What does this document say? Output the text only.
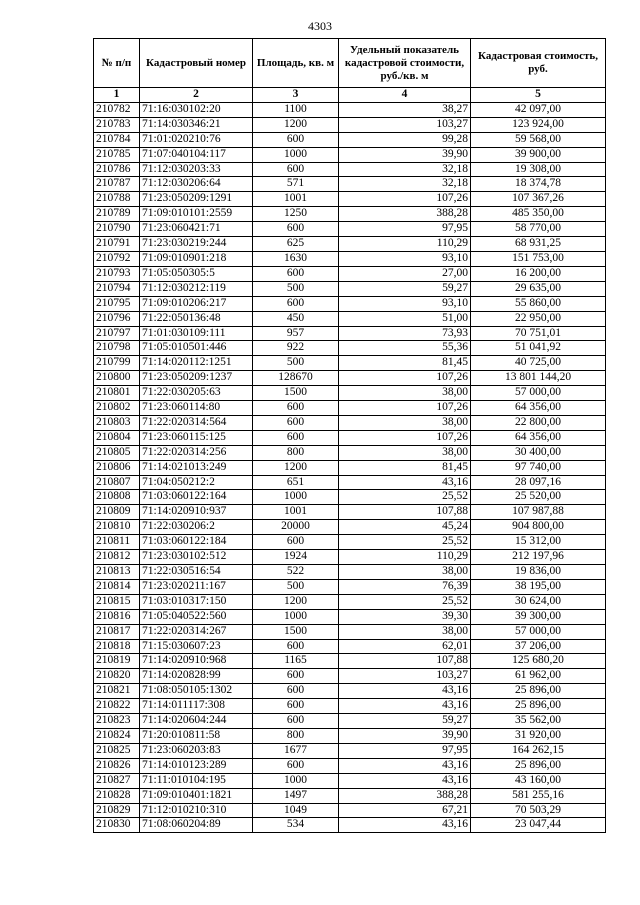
4303
№ п/п	Кадастровый номер	Площадь, кв. м	Удельный показатель кадастровой стоимости, руб./кв. м	Кадастровая стоимость, руб.
1	2	3	4	5
210782	71:16:030102:20	1100	38,27	42 097,00
210783	71:14:030346:21	1200	103,27	123 924,00
210784	71:01:020210:76	600	99,28	59 568,00
210785	71:07:040104:117	1000	39,90	39 900,00
210786	71:12:030203:33	600	32,18	19 308,00
210787	71:12:030206:64	571	32,18	18 374,78
210788	71:23:050209:1291	1001	107,26	107 367,26
210789	71:09:010101:2559	1250	388,28	485 350,00
210790	71:23:060421:71	600	97,95	58 770,00
210791	71:23:030219:244	625	110,29	68 931,25
210792	71:09:010901:218	1630	93,10	151 753,00
210793	71:05:050305:5	600	27,00	16 200,00
210794	71:12:030212:119	500	59,27	29 635,00
210795	71:09:010206:217	600	93,10	55 860,00
210796	71:22:050136:48	450	51,00	22 950,00
210797	71:01:030109:111	957	73,93	70 751,01
210798	71:05:010501:446	922	55,36	51 041,92
210799	71:14:020112:1251	500	81,45	40 725,00
210800	71:23:050209:1237	128670	107,26	13 801 144,20
210801	71:22:030205:63	1500	38,00	57 000,00
210802	71:23:060114:80	600	107,26	64 356,00
210803	71:22:020314:564	600	38,00	22 800,00
210804	71:23:060115:125	600	107,26	64 356,00
210805	71:22:020314:256	800	38,00	30 400,00
210806	71:14:021013:249	1200	81,45	97 740,00
210807	71:04:050212:2	651	43,16	28 097,16
210808	71:03:060122:164	1000	25,52	25 520,00
210809	71:14:020910:937	1001	107,88	107 987,88
210810	71:22:030206:2	20000	45,24	904 800,00
210811	71:03:060122:184	600	25,52	15 312,00
210812	71:23:030102:512	1924	110,29	212 197,96
210813	71:22:030516:54	522	38,00	19 836,00
210814	71:23:020211:167	500	76,39	38 195,00
210815	71:03:010317:150	1200	25,52	30 624,00
210816	71:05:040522:560	1000	39,30	39 300,00
210817	71:22:020314:267	1500	38,00	57 000,00
210818	71:15:030607:23	600	62,01	37 206,00
210819	71:14:020910:968	1165	107,88	125 680,20
210820	71:14:020828:99	600	103,27	61 962,00
210821	71:08:050105:1302	600	43,16	25 896,00
210822	71:14:011117:308	600	43,16	25 896,00
210823	71:14:020604:244	600	59,27	35 562,00
210824	71:20:010811:58	800	39,90	31 920,00
210825	71:23:060203:83	1677	97,95	164 262,15
210826	71:14:010123:289	600	43,16	25 896,00
210827	71:11:010104:195	1000	43,16	43 160,00
210828	71:09:010401:1821	1497	388,28	581 255,16
210829	71:12:010210:310	1049	67,21	70 503,29
210830	71:08:060204:89	534	43,16	23 047,44
